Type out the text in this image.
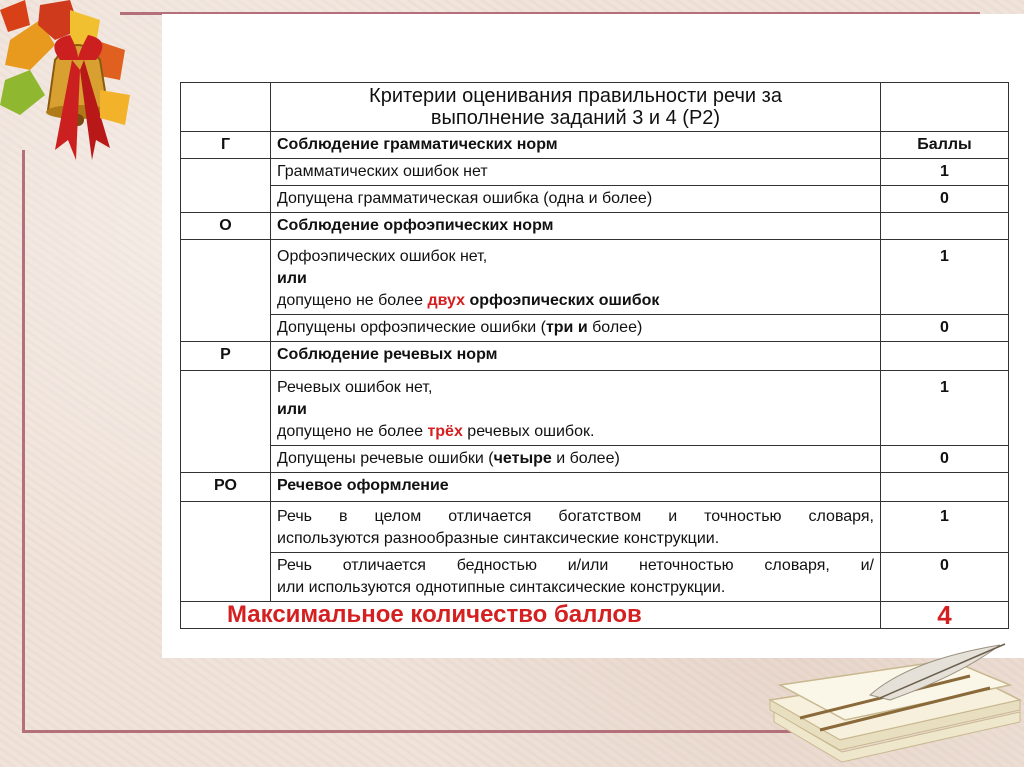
	Критерии оценивания правильности речи за
выполнение заданий 3 и 4 (Р2)	
Г	Соблюдение грамматических норм	Баллы
	Грамматических ошибок нет	1
	Допущена грамматическая ошибка (одна и более)	0
О	Соблюдение орфоэпических норм	
	Орфоэпических ошибок нет,
или
допущено не более двух орфоэпических ошибок	1
	Допущены орфоэпические ошибки (три и более)	0
Р	Соблюдение речевых норм	
	Речевых ошибок нет,
или
допущено не более трёх речевых ошибок.	1
	Допущены речевые ошибки (четыре и более)	0
РО	Речевое оформление	

	Речь в целом отличается богатством и точностью словаря,
используются разнообразные синтаксические конструкции.	1

	Речь отличается бедностью и/или неточностью словаря, и/
или используются однотипные синтаксические конструкции.	0
Максимальное количество баллов		4
